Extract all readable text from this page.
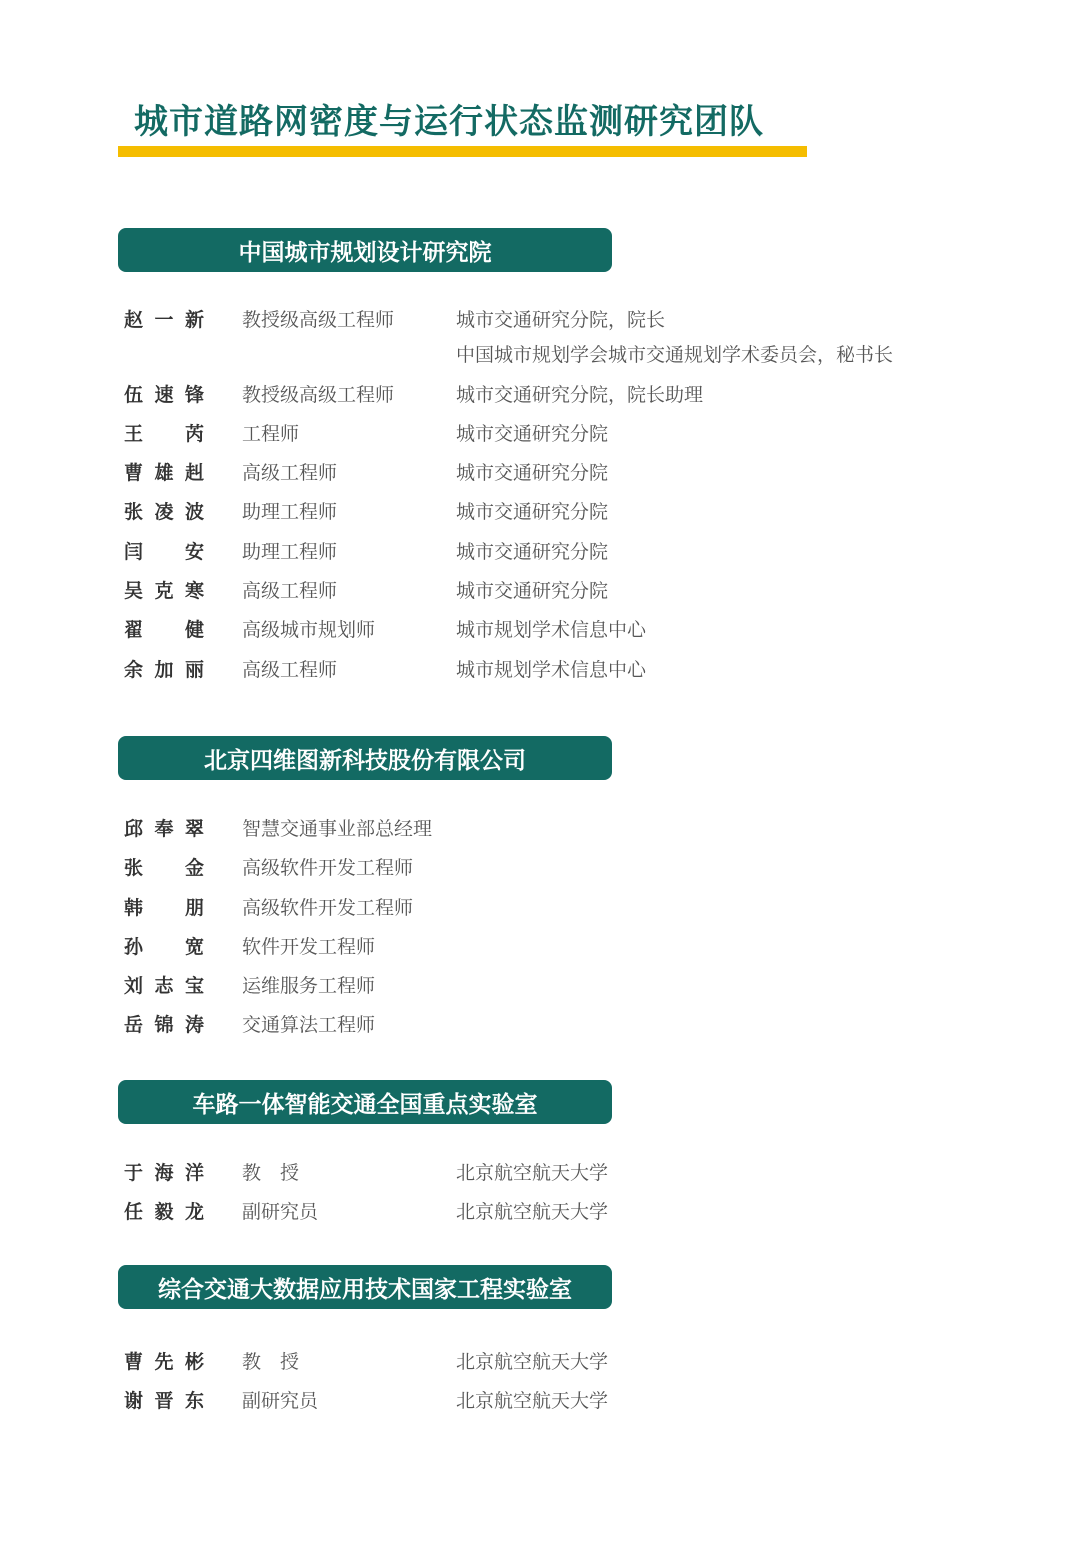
城市道路网密度与运行状态监测研究团队
中国城市规划设计研究院
赵 一 新 教授级高级工程师	城市交通研究分院，院长
中国城市规划学会城市交通规划学术委员会，秘书长
伍 速 锋 教授级高级工程师	城市交通研究分院，院长助理
王 芮 工程师	城市交通研究分院
曹 雄 赳 高级工程师	城市交通研究分院
张 凌 波 助理工程师	城市交通研究分院
闫 安 助理工程师	城市交通研究分院
吴 克 寒 高级工程师	城市交通研究分院
翟 健 高级城市规划师	城市规划学术信息中心
余 加 丽 高级工程师	城市规划学术信息中心
北京四维图新科技股份有限公司
邱 奉 翠 智慧交通事业部总经理
张 金 高级软件开发工程师
韩 朋 高级软件开发工程师
孙 宽 软件开发工程师
刘 志 宝 运维服务工程师
岳 锦 涛 交通算法工程师
车路一体智能交通全国重点实验室
于 海 洋 教　授	北京航空航天大学
任 毅 龙 副研究员	北京航空航天大学
综合交通大数据应用技术国家工程实验室
曹 先 彬 教　授	北京航空航天大学
谢 晋 东 副研究员	北京航空航天大学
